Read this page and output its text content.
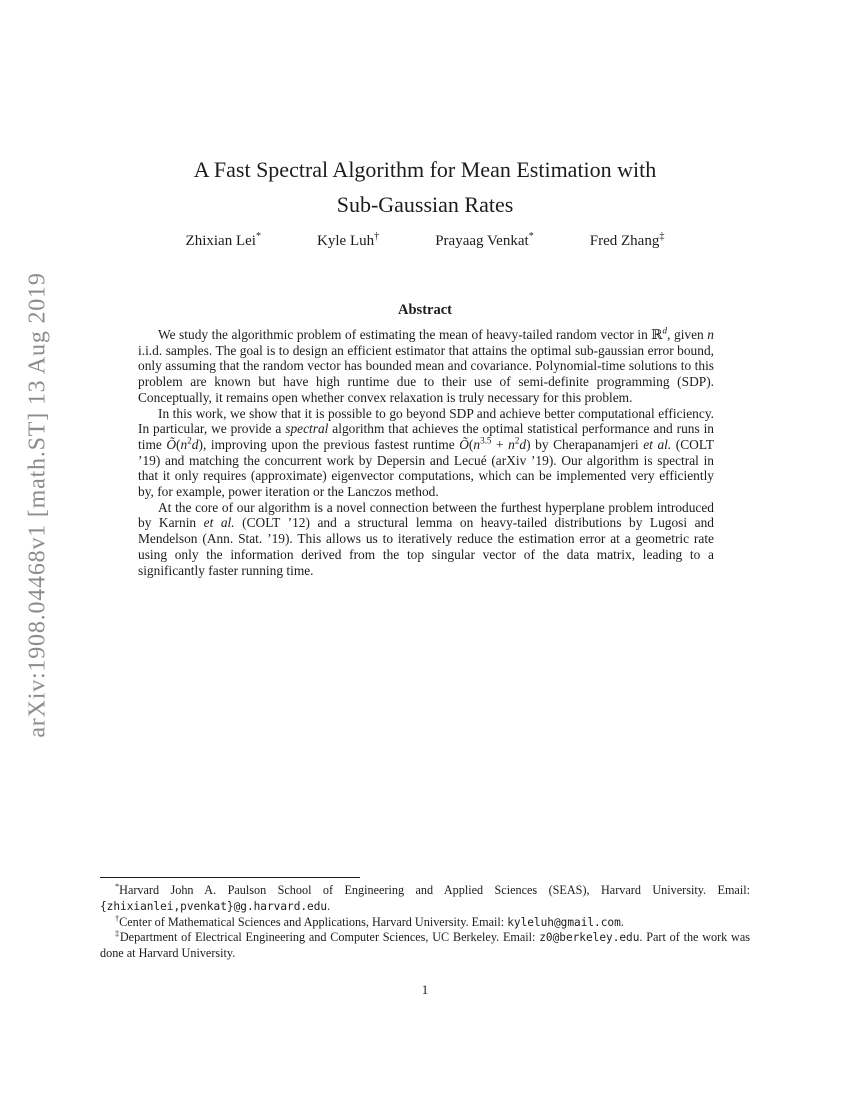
arXiv:1908.04468v1 [math.ST] 13 Aug 2019
A Fast Spectral Algorithm for Mean Estimation with
Sub-Gaussian Rates
Zhixian Lei*	Kyle Luh†	Prayaag Venkat*	Fred Zhang‡
Abstract

We study the algorithmic problem of estimating the mean of heavy-tailed random vector in ℝ$^d$, given n i.i.d. samples. The goal is to design an efficient estimator that attains the optimal sub-gaussian error bound, only assuming that the random vector has bounded mean and covariance. Polynomial-time solutions to this problem are known but have high runtime due to their use of semi-definite programming (SDP). Conceptually, it remains open whether convex relaxation is truly necessary for this problem.

In this work, we show that it is possible to go beyond SDP and achieve better computational efficiency. In particular, we provide a spectral algorithm that achieves the optimal statistical performance and runs in time $Õ(n^2d)$, improving upon the previous fastest runtime $Õ(n^{3.5} + n^2d)$ by Cherapanamjeri et al. (COLT ’19) and matching the concurrent work by Depersin and Lecué (arXiv ’19). Our algorithm is spectral in that it only requires (approximate) eigenvector computations, which can be implemented very efficiently by, for example, power iteration or the Lanczos method.

At the core of our algorithm is a novel connection between the furthest hyperplane problem introduced by Karnin et al. (COLT ’12) and a structural lemma on heavy-tailed distributions by Lugosi and Mendelson (Ann. Stat. ’19). This allows us to iteratively reduce the estimation error at a geometric rate using only the information derived from the top singular vector of the data matrix, leading to a significantly faster running time.

*Harvard John A. Paulson School of Engineering and Applied Sciences (SEAS), Harvard University. Email: {zhixianlei,pvenkat}@g.harvard.edu.

†Center of Mathematical Sciences and Applications, Harvard University. Email: kyleluh@gmail.com.

‡Department of Electrical Engineering and Computer Sciences, UC Berkeley. Email: z0@berkeley.edu. Part of the work was done at Harvard University.

1
